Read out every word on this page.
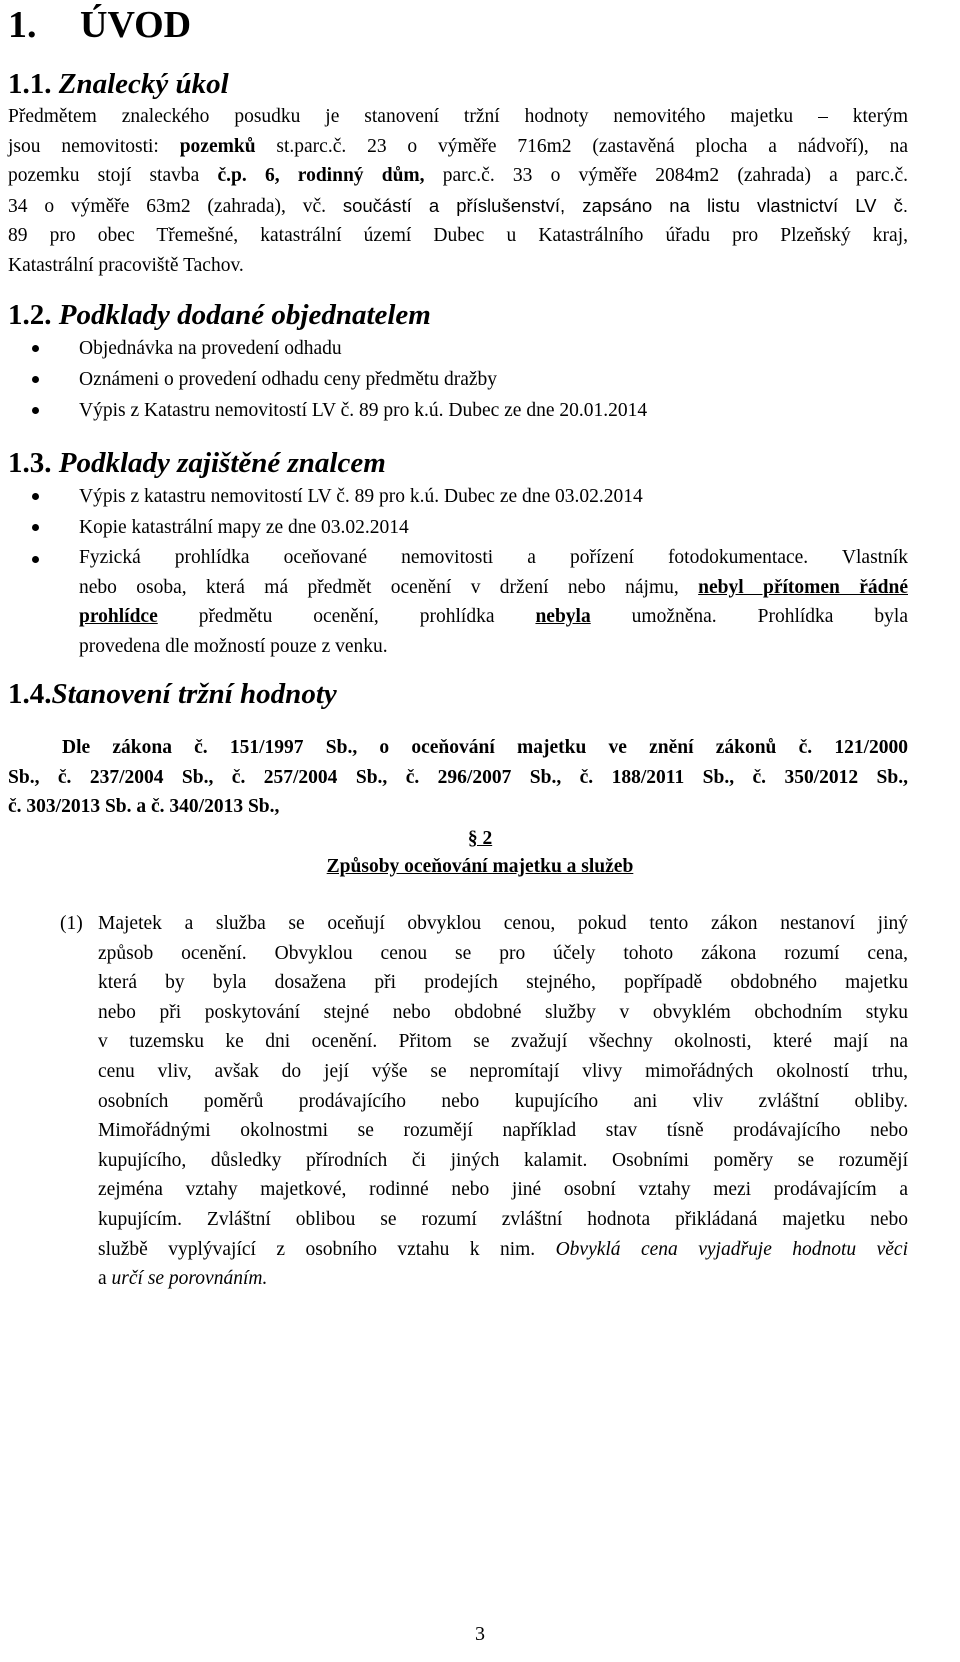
1. ÚVOD
1.1. Znalecký úkol
Předmětem znaleckého posudku je stanovení tržní hodnoty nemovitého majetku – kterým
jsou nemovitosti: pozemků st.parc.č. 23 o výměře 716m2 (zastavěná plocha a nádvoří), na
pozemku stojí stavba č.p. 6, rodinný dům, parc.č. 33 o výměře 2084m2 (zahrada) a parc.č.
34 o výměře 63m2 (zahrada), vč. součástí a příslušenství, zapsáno na listu vlastnictví LV č.
89 pro obec Třemešné, katastrální území Dubec u Katastrálního úřadu pro Plzeňský kraj,
Katastrální pracoviště Tachov.
1.2. Podklady dodané objednatelem
Objednávka na provedení odhadu
Oznámeni o provedení odhadu ceny předmětu dražby
Výpis z Katastru nemovitostí LV č. 89 pro k.ú. Dubec ze dne 20.01.2014
1.3. Podklady zajištěné znalcem
Výpis z katastru nemovitostí LV č. 89 pro k.ú. Dubec ze dne 03.02.2014
Kopie katastrální mapy ze dne 03.02.2014
Fyzická prohlídka oceňované nemovitosti a pořízení fotodokumentace. Vlastník
nebo osoba, která má předmět ocenění v držení nebo nájmu, nebyl přítomen řádné
prohlídce předmětu ocenění, prohlídka nebyla umožněna. Prohlídka byla
provedena dle možností pouze z venku.
1.4.Stanovení tržní hodnoty
Dle zákona č. 151/1997 Sb., o oceňování majetku ve znění zákonů č. 121/2000
Sb., č. 237/2004 Sb., č. 257/2004 Sb., č. 296/2007 Sb., č. 188/2011 Sb., č. 350/2012 Sb.,
č. 303/2013 Sb. a č. 340/2013 Sb.,
§ 2
Způsoby oceňování majetku a služeb
(1) Majetek a služba se oceňují obvyklou cenou, pokud tento zákon nestanoví jiný
způsob ocenění. Obvyklou cenou se pro účely tohoto zákona rozumí cena,
která by byla dosažena při prodejích stejného, popřípadě obdobného majetku
nebo při poskytování stejné nebo obdobné služby v obvyklém obchodním styku
v tuzemsku ke dni ocenění. Přitom se zvažují všechny okolnosti, které mají na
cenu vliv, avšak do její výše se nepromítají vlivy mimořádných okolností trhu,
osobních poměrů prodávajícího nebo kupujícího ani vliv zvláštní obliby.
Mimořádnými okolnostmi se rozumějí například stav tísně prodávajícího nebo
kupujícího, důsledky přírodních či jiných kalamit. Osobními poměry se rozumějí
zejména vztahy majetkové, rodinné nebo jiné osobní vztahy mezi prodávajícím a
kupujícím. Zvláštní oblibou se rozumí zvláštní hodnota přikládaná majetku nebo
službě vyplývající z osobního vztahu k nim. Obvyklá cena vyjadřuje hodnotu věci
a určí se porovnáním.
3
